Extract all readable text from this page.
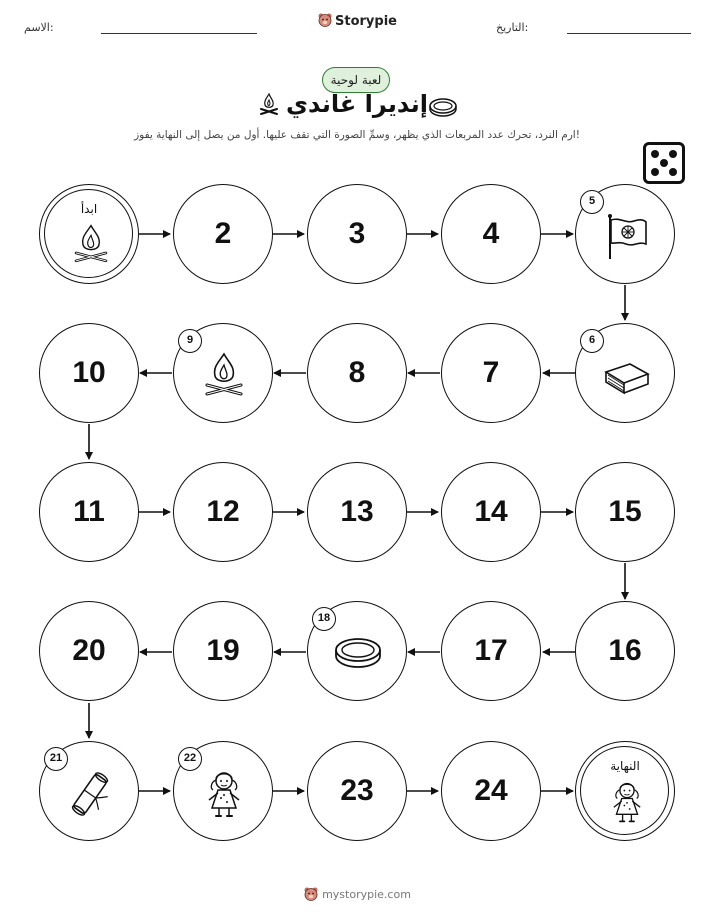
الاسم:	Storypie	التاريخ:
لعبة لوحية
إنديرا غاندي
ارم النرد، تحرك عدد المربعات الذي يظهر، وسمِّ الصورة التي تقف عليها. أول من يصل إلى النهاية يفوز!
ابدأ
2	3	4
5
6
7
8
9
10
11	12	13	14	15
16
17
18
19
20
21	22
23	24
النهاية
mystorypie.com
